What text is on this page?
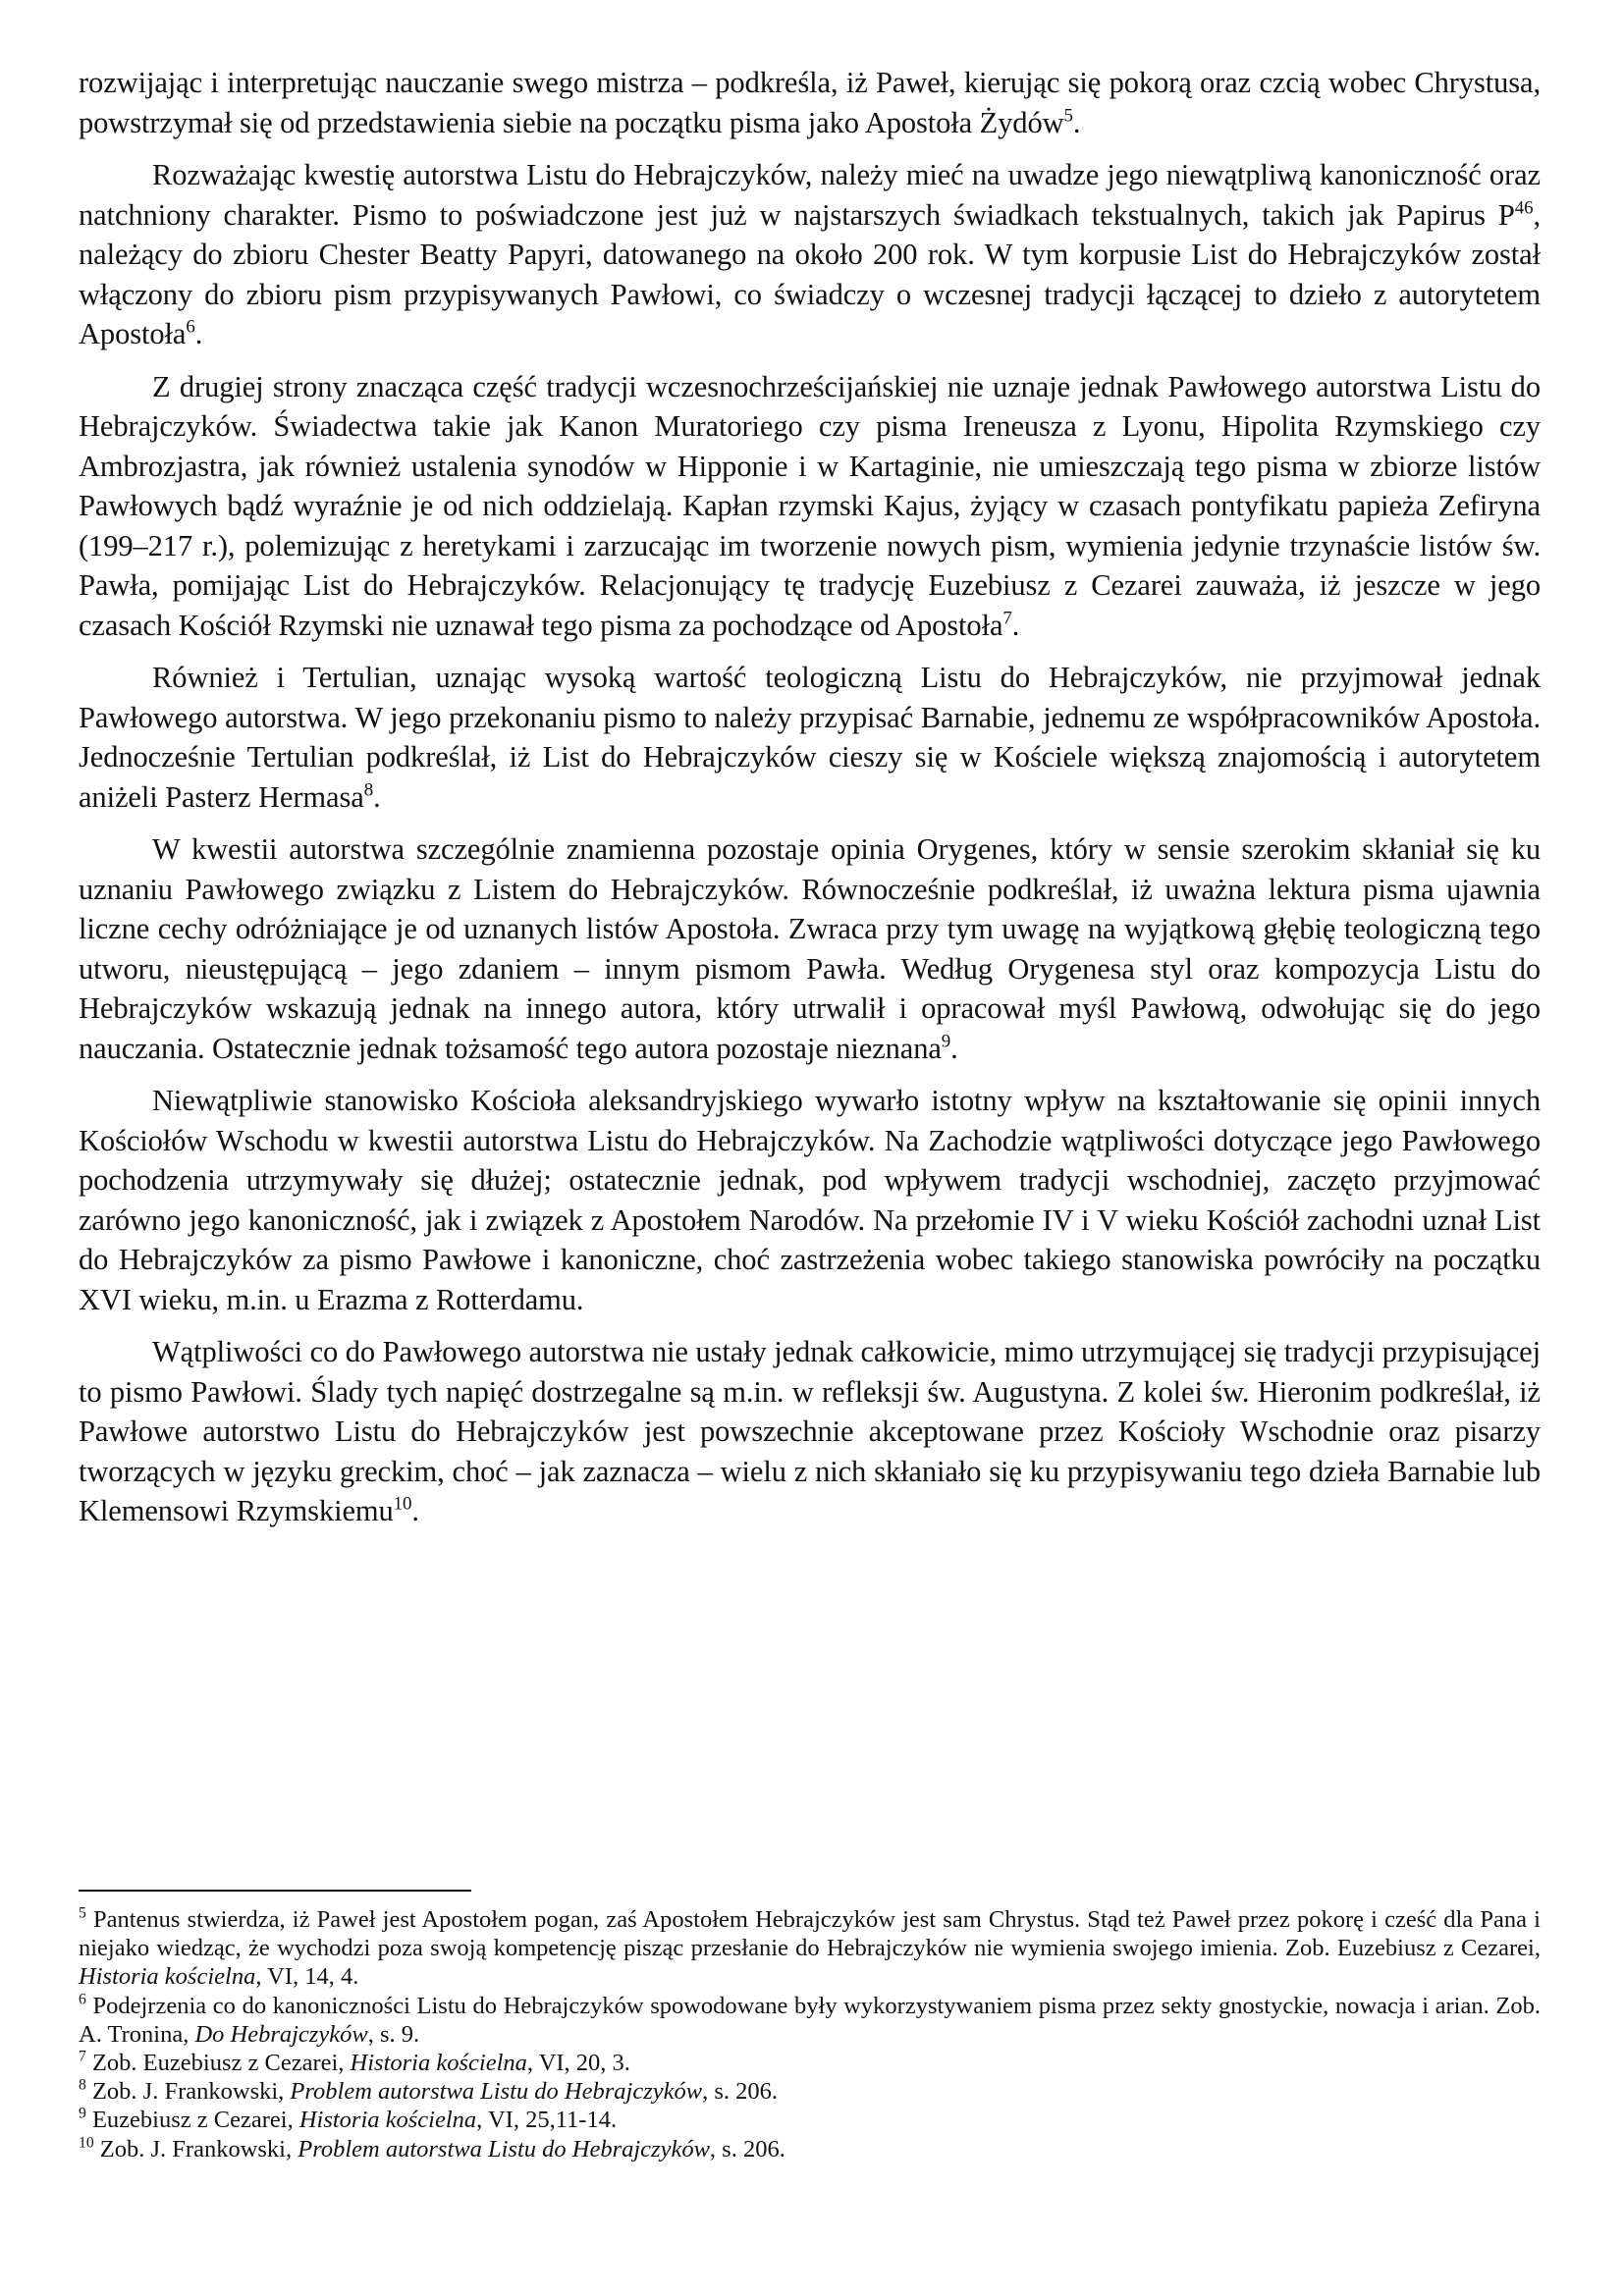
rozwijając i interpretując nauczanie swego mistrza – podkreśla, iż Paweł, kierując się pokorą oraz czcią wobec Chrystusa, powstrzymał się od przedstawienia siebie na początku pisma jako Apostoła Żydów$^5$.

Rozważając kwestię autorstwa Listu do Hebrajczyków, należy mieć na uwadze jego niewątpliwą kanoniczność oraz natchniony charakter. Pismo to poświadczone jest już w najstarszych świadkach tekstualnych, takich jak Papirus $P^{46}$, należący do zbioru Chester Beatty Papyri, datowanego na około 200 rok. W tym korpusie List do Hebrajczyków został włączony do zbioru pism przypisywanych Pawłowi, co świadczy o wczesnej tradycji łączącej to dzieło z autorytetem Apostoła$^6$.

Z drugiej strony znacząca część tradycji wczesnochrześcijańskiej nie uznaje jednak Pawłowego autorstwa Listu do Hebrajczyków. Świadectwa takie jak Kanon Muratoriego czy pisma Ireneusza z Lyonu, Hipolita Rzymskiego czy Ambrozjastra, jak również ustalenia synodów w Hipponie i w Kartaginie, nie umieszczają tego pisma w zbiorze listów Pawłowych bądź wyraźnie je od nich oddzielają. Kapłan rzymski Kajus, żyjący w czasach pontyfikatu papieża Zefiryna (199–217 r.), polemizując z heretykami i zarzucając im tworzenie nowych pism, wymienia jedynie trzynaście listów św. Pawła, pomijając List do Hebrajczyków. Relacjonujący tę tradycję Euzebiusz z Cezarei zauważa, iż jeszcze w jego czasach Kościół Rzymski nie uznawał tego pisma za pochodzące od Apostoła$^7$.

Również i Tertulian, uznając wysoką wartość teologiczną Listu do Hebrajczyków, nie przyjmował jednak Pawłowego autorstwa. W jego przekonaniu pismo to należy przypisać Barnabie, jednemu ze współpracowników Apostoła. Jednocześnie Tertulian podkreślał, iż List do Hebrajczyków cieszy się w Kościele większą znajomością i autorytetem aniżeli Pasterz Hermasa$^8$.

W kwestii autorstwa szczególnie znamienna pozostaje opinia Orygenes, który w sensie szerokim skłaniał się ku uznaniu Pawłowego związku z Listem do Hebrajczyków. Równocześnie podkreślał, iż uważna lektura pisma ujawnia liczne cechy odróżniające je od uznanych listów Apostoła. Zwraca przy tym uwagę na wyjątkową głębię teologiczną tego utworu, nieustępującą – jego zdaniem – innym pismom Pawła. Według Orygenesa styl oraz kompozycja Listu do Hebrajczyków wskazują jednak na innego autora, który utrwalił i opracował myśl Pawłową, odwołując się do jego nauczania. Ostatecznie jednak tożsamość tego autora pozostaje nieznana$^9$.

Niewątpliwie stanowisko Kościoła aleksandryjskiego wywarło istotny wpływ na kształtowanie się opinii innych Kościołów Wschodu w kwestii autorstwa Listu do Hebrajczyków. Na Zachodzie wątpliwości dotyczące jego Pawłowego pochodzenia utrzymywały się dłużej; ostatecznie jednak, pod wpływem tradycji wschodniej, zaczęto przyjmować zarówno jego kanoniczność, jak i związek z Apostołem Narodów. Na przełomie IV i V wieku Kościół zachodni uznał List do Hebrajczyków za pismo Pawłowe i kanoniczne, choć zastrzeżenia wobec takiego stanowiska powróciły na początku XVI wieku, m.in. u Erazma z Rotterdamu.

Wątpliwości co do Pawłowego autorstwa nie ustały jednak całkowicie, mimo utrzymującej się tradycji przypisującej to pismo Pawłowi. Ślady tych napięć dostrzegalne są m.in. w refleksji św. Augustyna. Z kolei św. Hieronim podkreślał, iż Pawłowe autorstwo Listu do Hebrajczyków jest powszechnie akceptowane przez Kościoły Wschodnie oraz pisarzy tworzących w języku greckim, choć – jak zaznacza – wielu z nich skłaniało się ku przypisywaniu tego dzieła Barnabie lub Klemensowi Rzymskiemu$^{10}$.

$^5$ Pantenus stwierdza, iż Paweł jest Apostołem pogan, zaś Apostołem Hebrajczyków jest sam Chrystus. Stąd też Paweł przez pokorę i cześć dla Pana i niejako wiedząc, że wychodzi poza swoją kompetencję pisząc przesłanie do Hebrajczyków nie wymienia swojego imienia. Zob. Euzebiusz z Cezarei, Historia kościelna, VI, 14, 4.

$^6$ Podejrzenia co do kanoniczności Listu do Hebrajczyków spowodowane były wykorzystywaniem pisma przez sekty gnostyckie, nowacja i arian. Zob. A. Tronina, Do Hebrajczyków, s. 9.

$^7$ Zob. Euzebiusz z Cezarei, Historia kościelna, VI, 20, 3.

$^8$ Zob. J. Frankowski, Problem autorstwa Listu do Hebrajczyków, s. 206.

$^9$ Euzebiusz z Cezarei, Historia kościelna, VI, 25,11-14.

$^{10}$ Zob. J. Frankowski, Problem autorstwa Listu do Hebrajczyków, s. 206.
